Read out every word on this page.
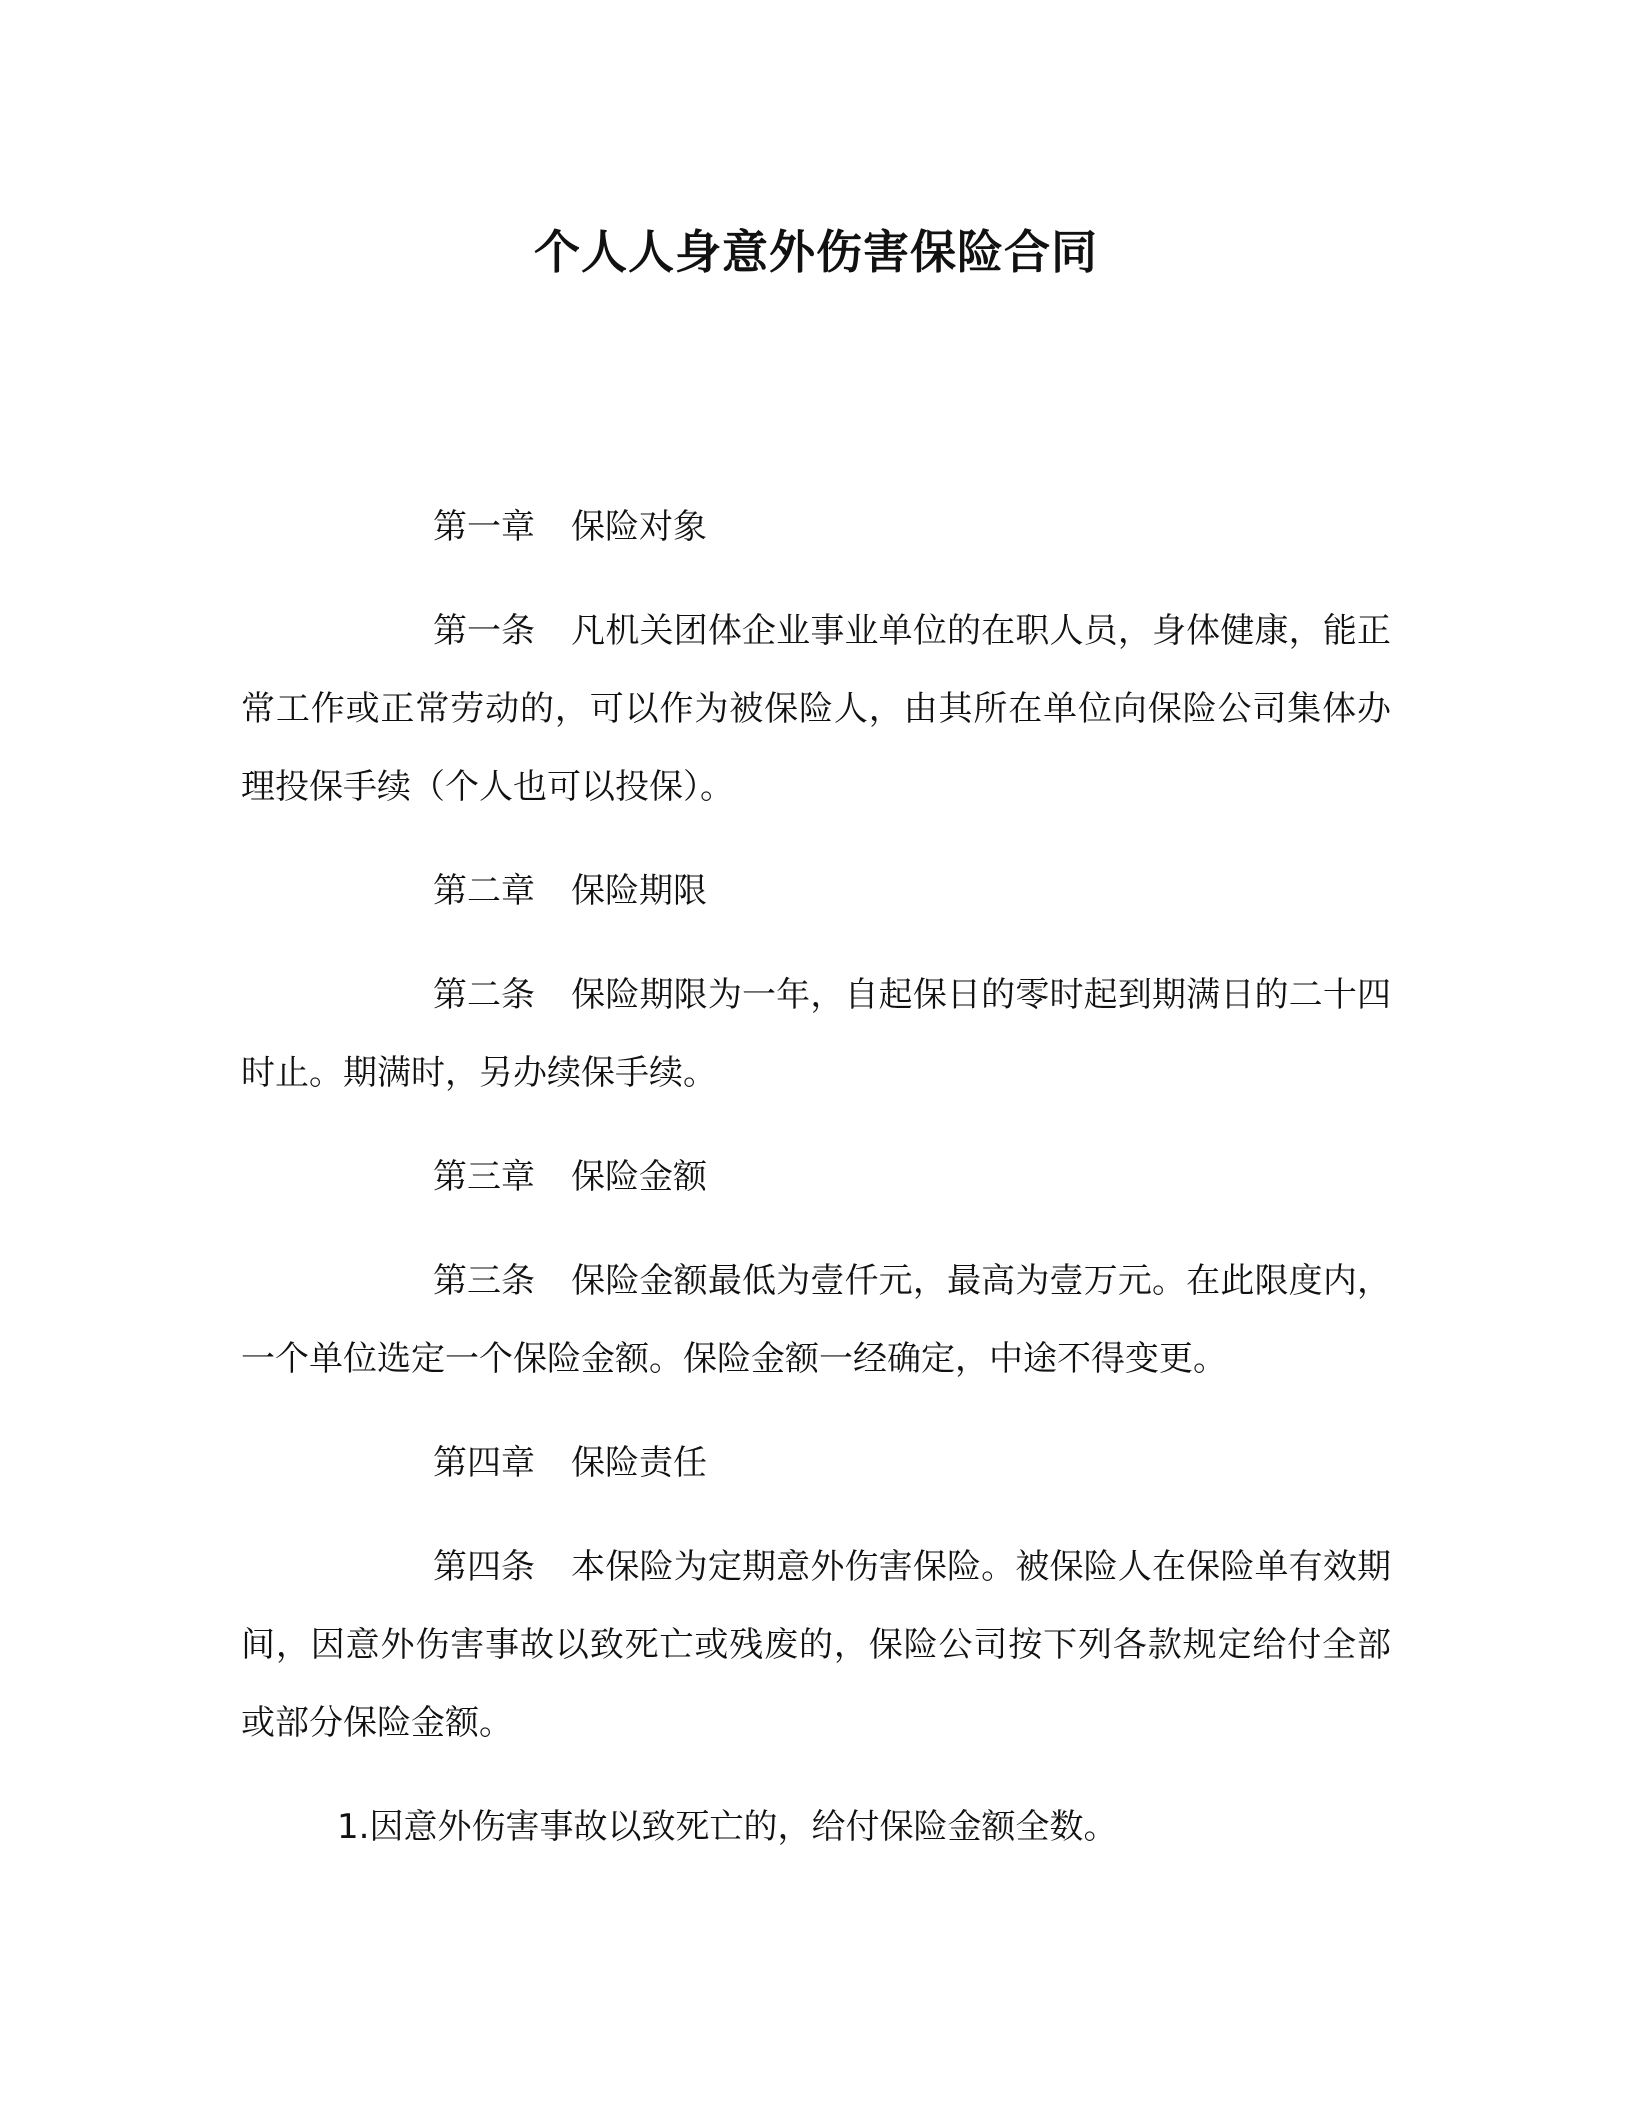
个人人身意外伤害保险合同

第一章 保险对象

第一条 凡机关团体企业事业单位的在职人员，身体健康，能正常工作或正常劳动的，可以作为被保险人，由其所在单位向保险公司集体办理投保手续（个人也可以投保）。

第二章 保险期限

第二条 保险期限为一年，自起保日的零时起到期满日的二十四时止。期满时，另办续保手续。

第三章 保险金额

第三条 保险金额最低为壹仟元，最高为壹万元。在此限度内，一个单位选定一个保险金额。保险金额一经确定，中途不得变更。

第四章 保险责任

第四条 本保险为定期意外伤害保险。被保险人在保险单有效期间，因意外伤害事故以致死亡或残废的，保险公司按下列各款规定给付全部或部分保险金额。

1.因意外伤害事故以致死亡的，给付保险金额全数。
